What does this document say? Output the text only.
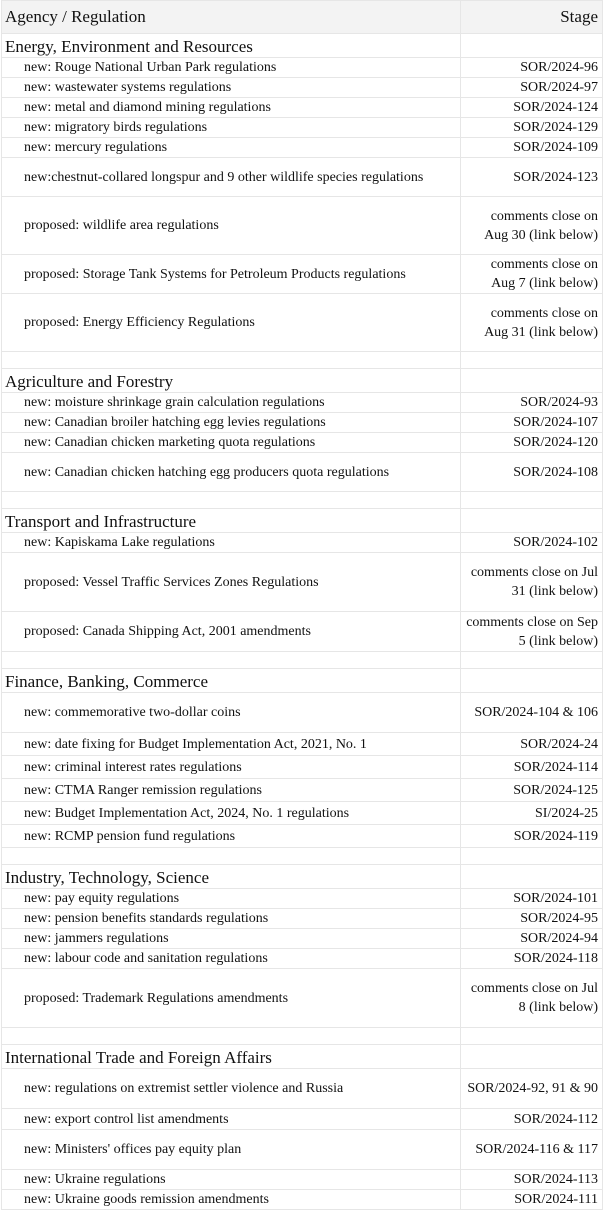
Agency / Regulation	Stage
Energy, Environment and Resources	

new: Rouge National Urban Park regulations	SOR/2024-96

new: wastewater systems regulations	SOR/2024-97

new: metal and diamond mining regulations	SOR/2024-124

new: migratory birds regulations	SOR/2024-129

new: mercury regulations	SOR/2024-109

new:chestnut-collared longspur and 9 other wildlife species regulations	SOR/2024-123

proposed: wildlife area regulations	comments close on Aug 30 (link below)

proposed: Storage Tank Systems for Petroleum Products regulations	comments close on Aug 7 (link below)

proposed: Energy Efficiency Regulations	comments close on Aug 31 (link below)

Agriculture and Forestry	

new: moisture shrinkage grain calculation regulations	SOR/2024-93

new: Canadian broiler hatching egg levies regulations	SOR/2024-107

new: Canadian chicken marketing quota regulations	SOR/2024-120

new: Canadian chicken hatching egg producers quota regulations	SOR/2024-108

Transport and Infrastructure	

new: Kapiskama Lake regulations	SOR/2024-102

proposed: Vessel Traffic Services Zones Regulations	comments close on Jul 31 (link below)

proposed: Canada Shipping Act, 2001 amendments	comments close on Sep 5 (link below)

Finance, Banking, Commerce	

new: commemorative two-dollar coins	SOR/2024-104 & 106

new: date fixing for Budget Implementation Act, 2021, No. 1	SOR/2024-24

new: criminal interest rates regulations	SOR/2024-114

new: CTMA Ranger remission regulations	SOR/2024-125

new: Budget Implementation Act, 2024, No. 1 regulations	SI/2024-25

new: RCMP pension fund regulations	SOR/2024-119

Industry, Technology, Science	

new: pay equity regulations	SOR/2024-101

new: pension benefits standards regulations	SOR/2024-95

new: jammers regulations	SOR/2024-94

new: labour code and sanitation regulations	SOR/2024-118

proposed: Trademark Regulations amendments	comments close on Jul 8 (link below)

International Trade and Foreign Affairs	

new: regulations on extremist settler violence and Russia	SOR/2024-92, 91 & 90

new: export control list amendments	SOR/2024-112

new: Ministers' offices pay equity plan	SOR/2024-116 & 117

new: Ukraine regulations	SOR/2024-113

new: Ukraine goods remission amendments	SOR/2024-111
